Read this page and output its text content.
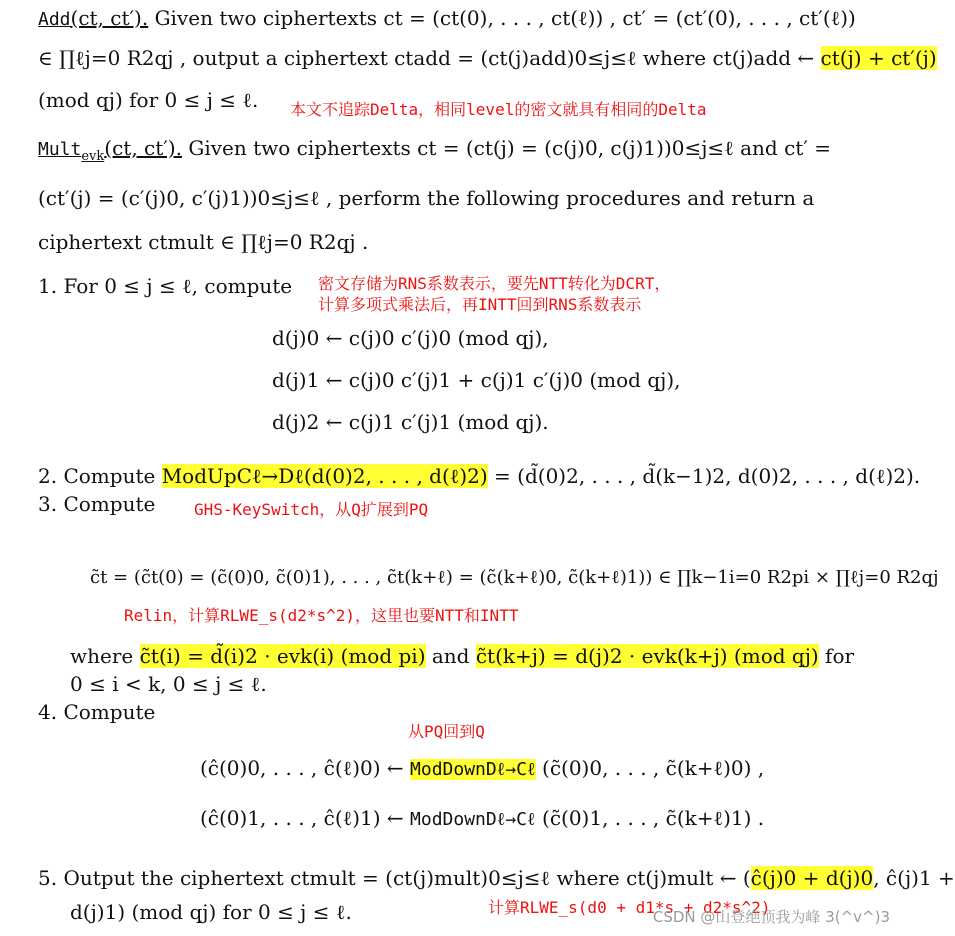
Add(ct, ct′). Given two ciphertexts ct = (ct(0), . . . , ct(ℓ)) , ct′ = (ct′(0), . . . , ct′(ℓ))
∈ ∏ℓj=0 R2qj , output a ciphertext ctadd = (ct(j)add)0≤j≤ℓ where ct(j)add ← ct(j) + ct′(j)
(mod qj) for 0 ≤ j ≤ ℓ. 本文不追踪Delta，相同level的密文就具有相同的Delta
Mult$_{evk}$(ct, ct′). Given two ciphertexts ct = (ct(j) = (c(j)0, c(j)1))0≤j≤ℓ and ct′ =
(ct′(j) = (c′(j)0, c′(j)1))0≤j≤ℓ , perform the following procedures and return a
ciphertext ctmult ∈ ∏ℓj=0 R2qj .
1. For 0 ≤ j ≤ ℓ, compute 密文存储为RNS系数表示，要先NTT转化为DCRT，
计算多项式乘法后，再INTT回到RNS系数表示
d(j)0 ← c(j)0 c′(j)0 (mod qj),
d(j)1 ← c(j)0 c′(j)1 + c(j)1 c′(j)0 (mod qj),
d(j)2 ← c(j)1 c′(j)1 (mod qj).
2. Compute ModUpCℓ→Dℓ(d(0)2, . . . , d(ℓ)2) = (d̃(0)2, . . . , d̃(k−1)2, d(0)2, . . . , d(ℓ)2).
3. Compute GHS-KeySwitch，从Q扩展到PQ
c̃t = (c̃t(0) = (c̃(0)0, c̃(0)1), . . . , c̃t(k+ℓ) = (c̃(k+ℓ)0, c̃(k+ℓ)1)) ∈ ∏k−1i=0 R2pi × ∏ℓj=0 R2qj
Relin，计算RLWE_s(d2*s^2)，这里也要NTT和INTT
where c̃t(i) = d̃(i)2 · evk(i) (mod pi) and c̃t(k+j) = d(j)2 · evk(k+j) (mod qj) for
0 ≤ i < k, 0 ≤ j ≤ ℓ.
4. Compute
从PQ回到Q
(ĉ(0)0, . . . , ĉ(ℓ)0) ← ModDownDℓ→Cℓ (c̃(0)0, . . . , c̃(k+ℓ)0) ,
(ĉ(0)1, . . . , ĉ(ℓ)1) ← ModDownDℓ→Cℓ (c̃(0)1, . . . , c̃(k+ℓ)1) .
5. Output the ciphertext ctmult = (ct(j)mult)0≤j≤ℓ where ct(j)mult ← (ĉ(j)0 + d(j)0, ĉ(j)1 +
d(j)1) (mod qj) for 0 ≤ j ≤ ℓ.	计算RLWE_s(d0 + d1*s + d2*s^2)
CSDN @山登绝顶我为峰 3(^v^)3
